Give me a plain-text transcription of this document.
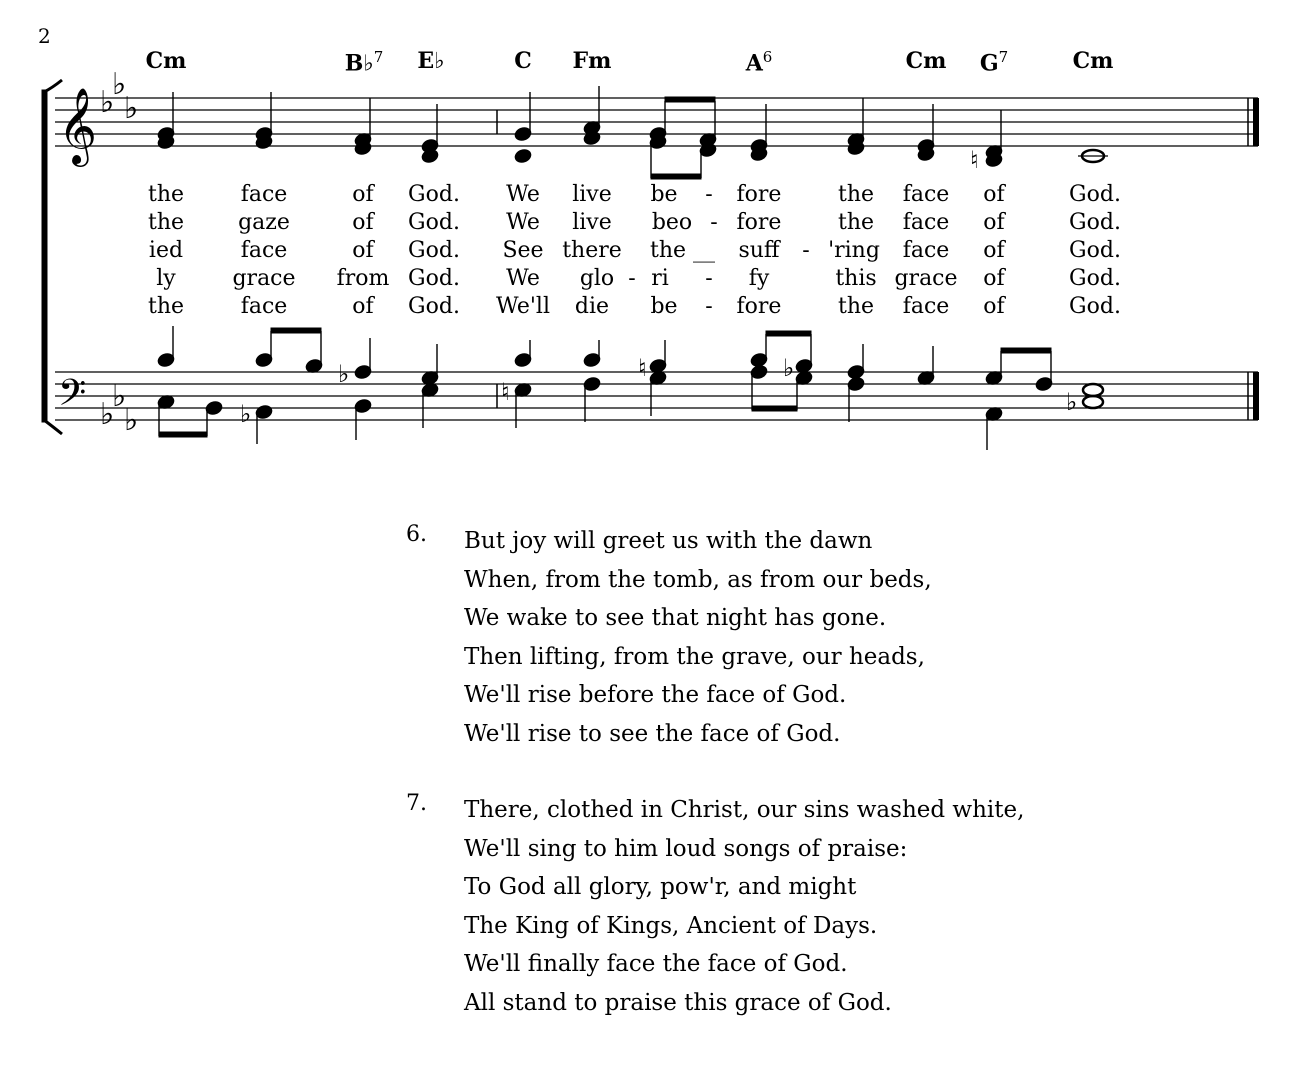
2
Cm	B♭$^7$ E♭	C Fm	$A^6$	Cm $G^7$	Cm
𝄞
𝄢
♭
♭
♭
♭
♭
♭
♮
♭	♮	♭
♭
♮	♭
the	face	of God. We live be - fore	the face of	God.
the gaze	of God. We live beo - fore	the face of	God.
ied	face	of God. See there the __ suff - 'ring face of	God.
ly	grace from God. We glo - ri - fy	this grace of	God.
the	face	of God. We'll die be - fore	the face of	God.
6. But joy will greet us with the dawn
When, from the tomb, as from our beds,
We wake to see that night has gone.
Then lifting, from the grave, our heads,
We'll rise before the face of God.
We'll rise to see the face of God.
7. There, clothed in Christ, our sins washed white,
We'll sing to him loud songs of praise:
To God all glory, pow'r, and might
The King of Kings, Ancient of Days.
We'll finally face the face of God.
All stand to praise this grace of God.
